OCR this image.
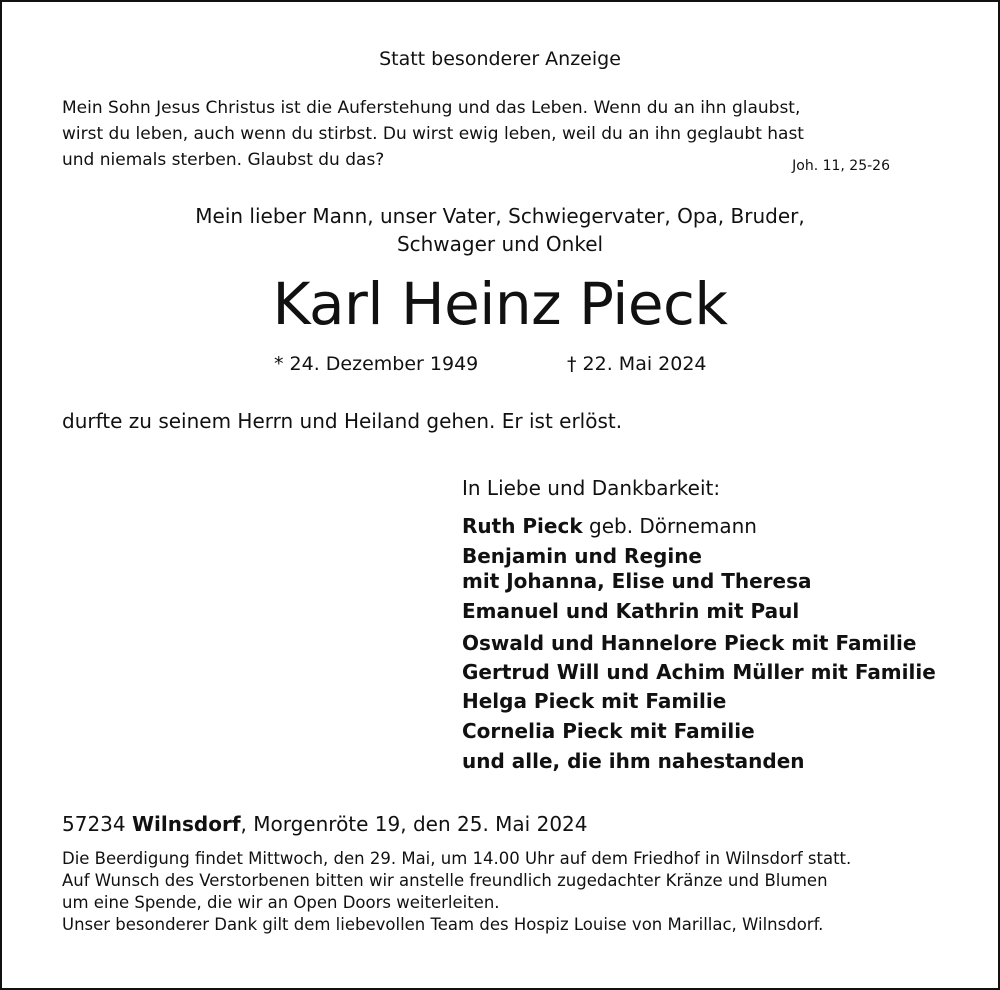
Statt besonderer Anzeige
Mein Sohn Jesus Christus ist die Auferstehung und das Leben. Wenn du an ihn glaubst,
wirst du leben, auch wenn du stirbst. Du wirst ewig leben, weil du an ihn geglaubt hast
und niemals sterben. Glaubst du das?	Joh. 11, 25-26
Mein lieber Mann, unser Vater, Schwiegervater, Opa, Bruder,
Schwager und Onkel
Karl Heinz Pieck
* 24. Dezember 1949	† 22. Mai 2024
durfte zu seinem Herrn und Heiland gehen. Er ist erlöst.
In Liebe und Dankbarkeit:
Ruth Pieck geb. Dörnemann
Benjamin und Regine
mit Johanna, Elise und Theresa
Emanuel und Kathrin mit Paul
Oswald und Hannelore Pieck mit Familie
Gertrud Will und Achim Müller mit Familie
Helga Pieck mit Familie
Cornelia Pieck mit Familie
und alle, die ihm nahestanden
57234 Wilnsdorf, Morgenröte 19, den 25. Mai 2024
Die Beerdigung findet Mittwoch, den 29. Mai, um 14.00 Uhr auf dem Friedhof in Wilnsdorf statt.
Auf Wunsch des Verstorbenen bitten wir anstelle freundlich zugedachter Kränze und Blumen
um eine Spende, die wir an Open Doors weiterleiten.
Unser besonderer Dank gilt dem liebevollen Team des Hospiz Louise von Marillac, Wilnsdorf.
